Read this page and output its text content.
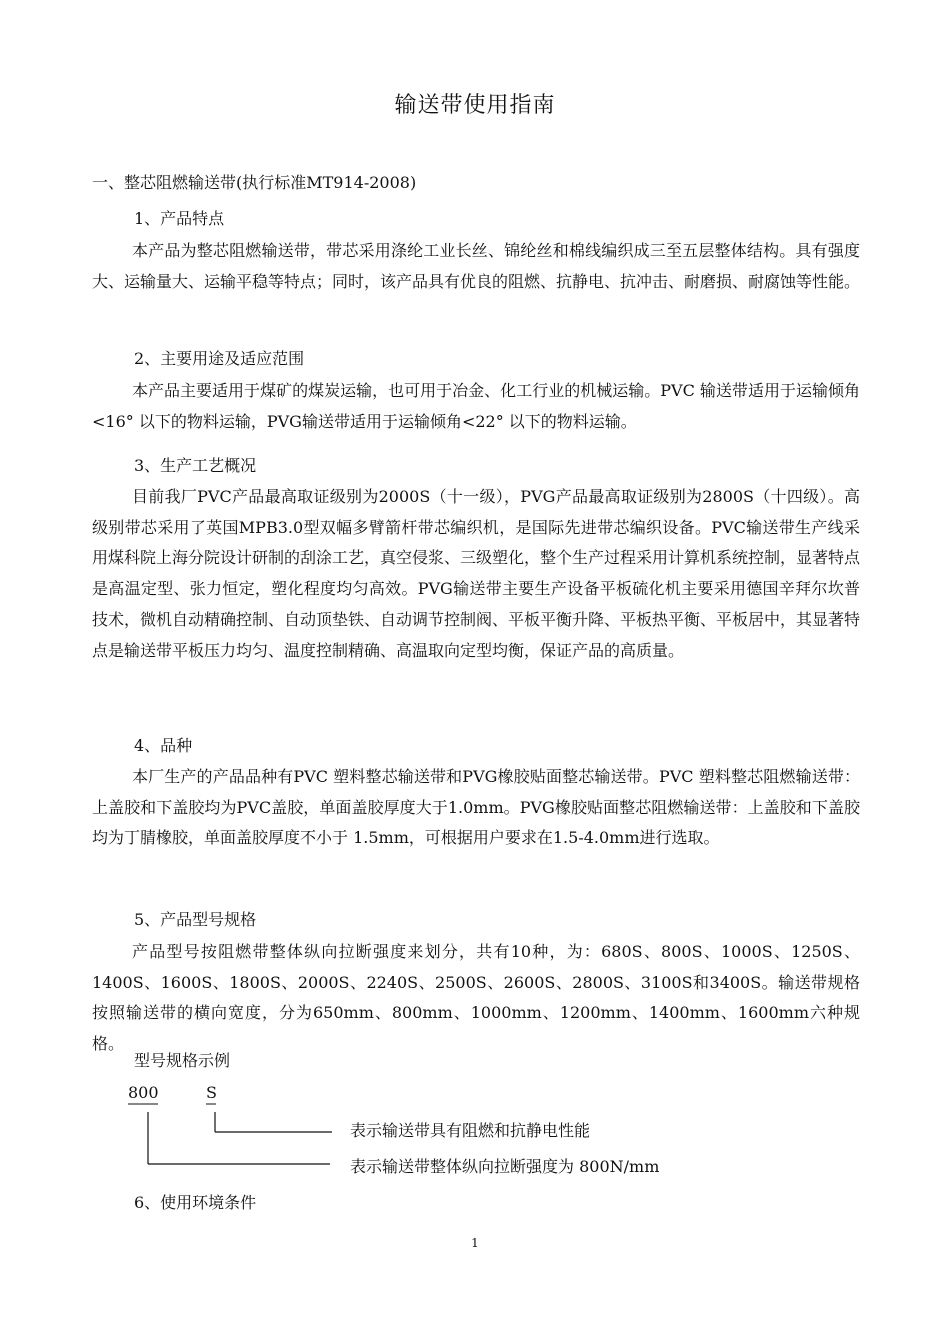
输送带使用指南
一、整芯阻燃输送带(执行标准MT914-2008)
1、产品特点

本产品为整芯阻燃输送带，带芯采用涤纶工业长丝、锦纶丝和棉线编织成三至五层整体结构。具有强度大、运输量大、运输平稳等特点；同时，该产品具有优良的阻燃、抗静电、抗冲击、耐磨损、耐腐蚀等性能。

2、主要用途及适应范围

本产品主要适用于煤矿的煤炭运输，也可用于冶金、化工行业的机械运输。PVC 输送带适用于运输倾角<16° 以下的物料运输，PVG输送带适用于运输倾角<22° 以下的物料运输。

3、生产工艺概况

目前我厂PVC产品最高取证级别为2000S（十一级），PVG产品最高取证级别为2800S（十四级）。高级别带芯采用了英国MPB3.0型双幅多臂箭杆带芯编织机，是国际先进带芯编织设备。PVC输送带生产线采用煤科院上海分院设计研制的刮涂工艺，真空侵浆、三级塑化，整个生产过程采用计算机系统控制，显著特点是高温定型、张力恒定，塑化程度均匀高效。PVG输送带主要生产设备平板硫化机主要采用德国辛拜尔坎普技术，微机自动精确控制、自动顶垫铁、自动调节控制阀、平板平衡升降、平板热平衡、平板居中，其显著特点是输送带平板压力均匀、温度控制精确、高温取向定型均衡，保证产品的高质量。

4、品种

本厂生产的产品品种有PVC 塑料整芯输送带和PVG橡胶贴面整芯输送带。PVC 塑料整芯阻燃输送带：上盖胶和下盖胶均为PVC盖胶，单面盖胶厚度大于1.0mm。PVG橡胶贴面整芯阻燃输送带：上盖胶和下盖胶均为丁腈橡胶，单面盖胶厚度不小于 1.5mm，可根据用户要求在1.5-4.0mm进行选取。

5、产品型号规格

产品型号按阻燃带整体纵向拉断强度来划分，共有10种，为：680S、800S、1000S、1250S、1400S、1600S、1800S、2000S、2240S、2500S、2600S、2800S、3100S和3400S。输送带规格按照输送带的横向宽度，分为650mm、800mm、1000mm、1200mm、1400mm、1600mm六种规格。

型号规格示例
800	S
表示输送带具有阻燃和抗静电性能
表示输送带整体纵向拉断强度为 800N/mm
6、使用环境条件
1
